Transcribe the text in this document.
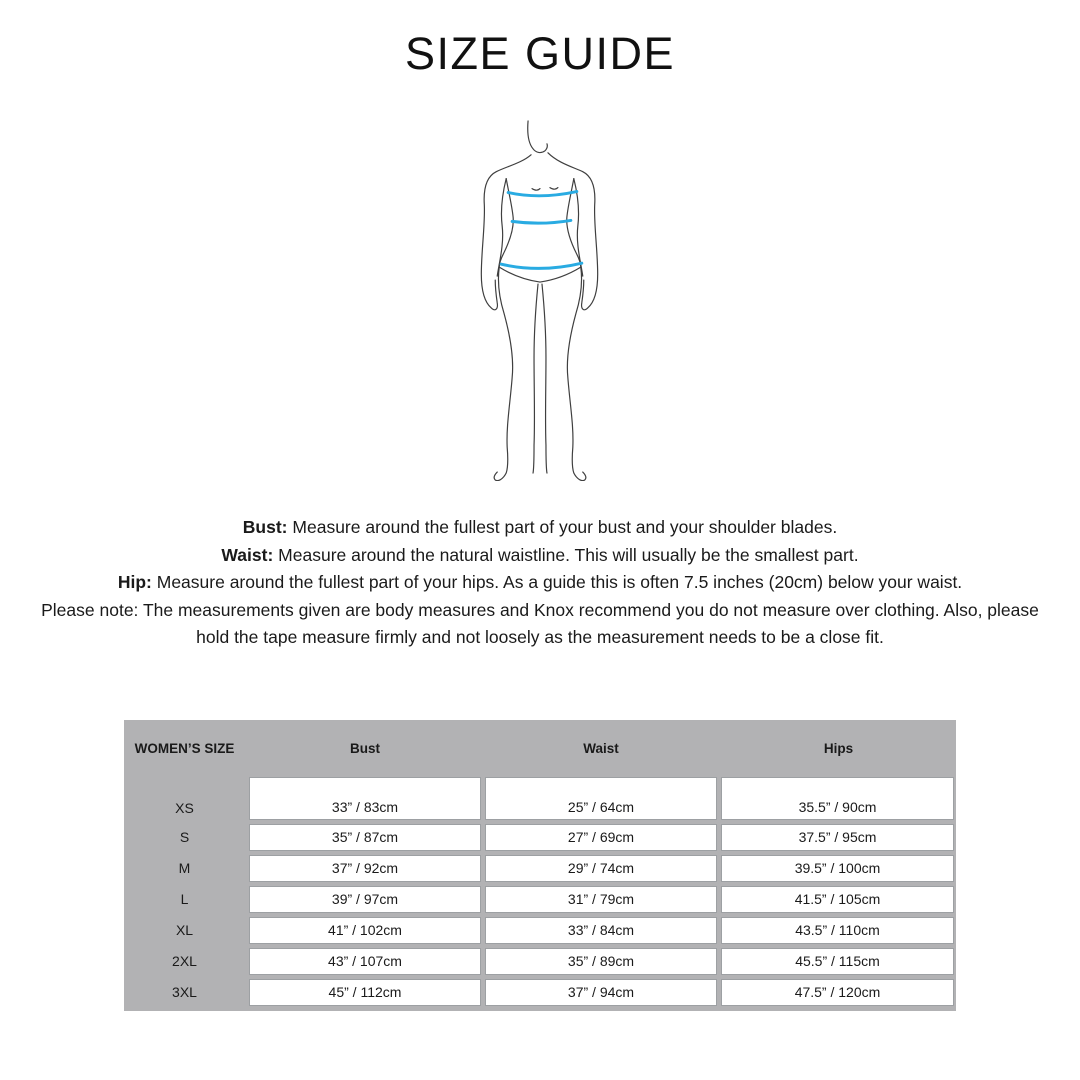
SIZE GUIDE

Bust: Measure around the fullest part of your bust and your shoulder blades.

Waist: Measure around the natural waistline. This will usually be the smallest part.

Hip: Measure around the fullest part of your hips. As a guide this is often 7.5 inches (20cm) below your waist.

Please note: The measurements given are body measures and Knox recommend you do not measure over clothing. Also, please hold the tape measure firmly and not loosely as the measurement needs to be a close fit.

WOMEN’S SIZE	Bust	Waist	Hips
XS	33” / 83cm	25” / 64cm	35.5” / 90cm
S	35” / 87cm	27” / 69cm	37.5” / 95cm
M	37” / 92cm	29” / 74cm	39.5” / 100cm
L	39” / 97cm	31” / 79cm	41.5” / 105cm
XL	41” / 102cm	33” / 84cm	43.5” / 110cm
2XL	43” / 107cm	35” / 89cm	45.5” / 115cm
3XL	45” / 112cm	37” / 94cm	47.5” / 120cm
